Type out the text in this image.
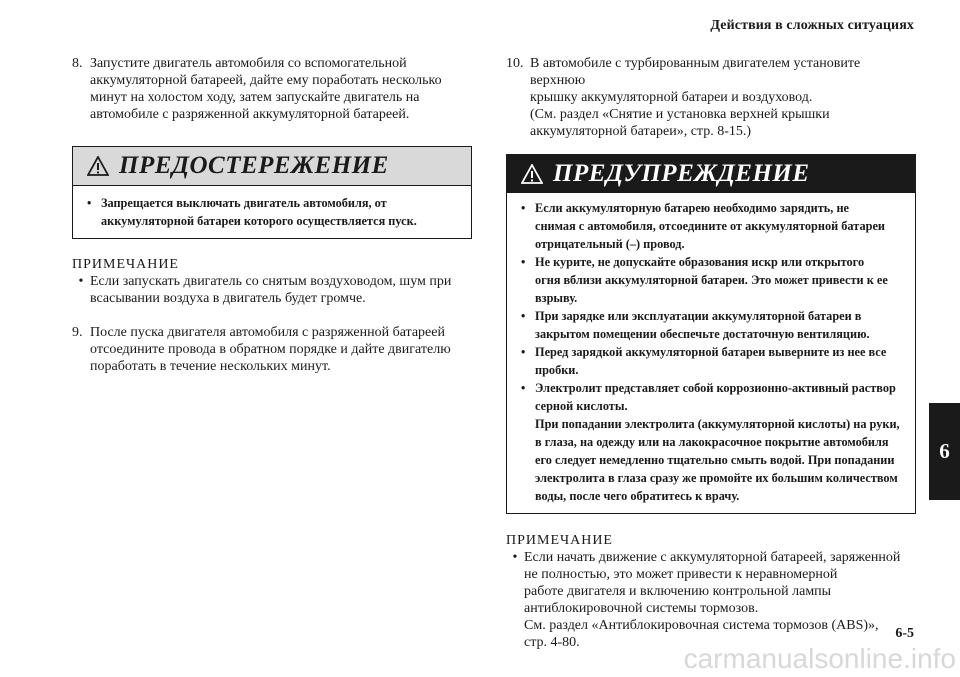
Действия в сложных ситуациях
8. Запустите двигатель автомобиля со вспомогательной

аккумуляторной батареей, дайте ему поработать несколько

минут на холостом ходу, затем запускайте двигатель на

автомобиле с разряженной аккумуляторной батареей.

ПРЕДОСТЕРЕЖЕНИЕ
• Запрещается выключать двигатель автомобиля, от
аккумуляторной батареи которого осуществляется пуск.

ПРИМЕЧАНИЕ

• Если запускать двигатель со снятым воздуховодом, шум при
всасывании воздуха в двигатель будет громче.
9. После пуска двигателя автомобиля с разряженной батареей

отсоедините провода в обратном порядке и дайте двигателю

поработать в течение нескольких минут.

10. В автомобиле с турбированным двигателем установите верхнюю

крышку аккумуляторной батареи и воздуховод.

(См. раздел «Снятие и установка верхней крышки

аккумуляторной батареи», стр. 8-15.)

ПРЕДУПРЕЖДЕНИЕ
• Если аккумуляторную батарею необходимо зарядить, не
снимая с автомобиля, отсоедините от аккумуляторной батареи
отрицательный (–) провод.
• Не курите, не допускайте образования искр или открытого
огня вблизи аккумуляторной батареи. Это может привести к ее
взрыву.
• При зарядке или эксплуатации аккумуляторной батареи в
закрытом помещении обеспечьте достаточную вентиляцию.
• Перед зарядкой аккумуляторной батареи выверните из нее все
пробки.
• Электролит представляет собой коррозионно-активный раствор
серной кислоты.
При попадании электролита (аккумуляторной кислоты) на руки,
в глаза, на одежду или на лакокрасочное покрытие автомобиля
его следует немедленно тщательно смыть водой. При попадании
электролита в глаза сразу же промойте их большим количеством
воды, после чего обратитесь к врачу.

ПРИМЕЧАНИЕ

• Если начать движение с аккумуляторной батареей, заряженной
не полностью, это может привести к неравномерной
работе двигателя и включению контрольной лампы
антиблокировочной системы тормозов.
См. раздел «Антиблокировочная система тормозов (ABS)»,
стр. 4-80.
6
6-5
carmanualsonline.info
